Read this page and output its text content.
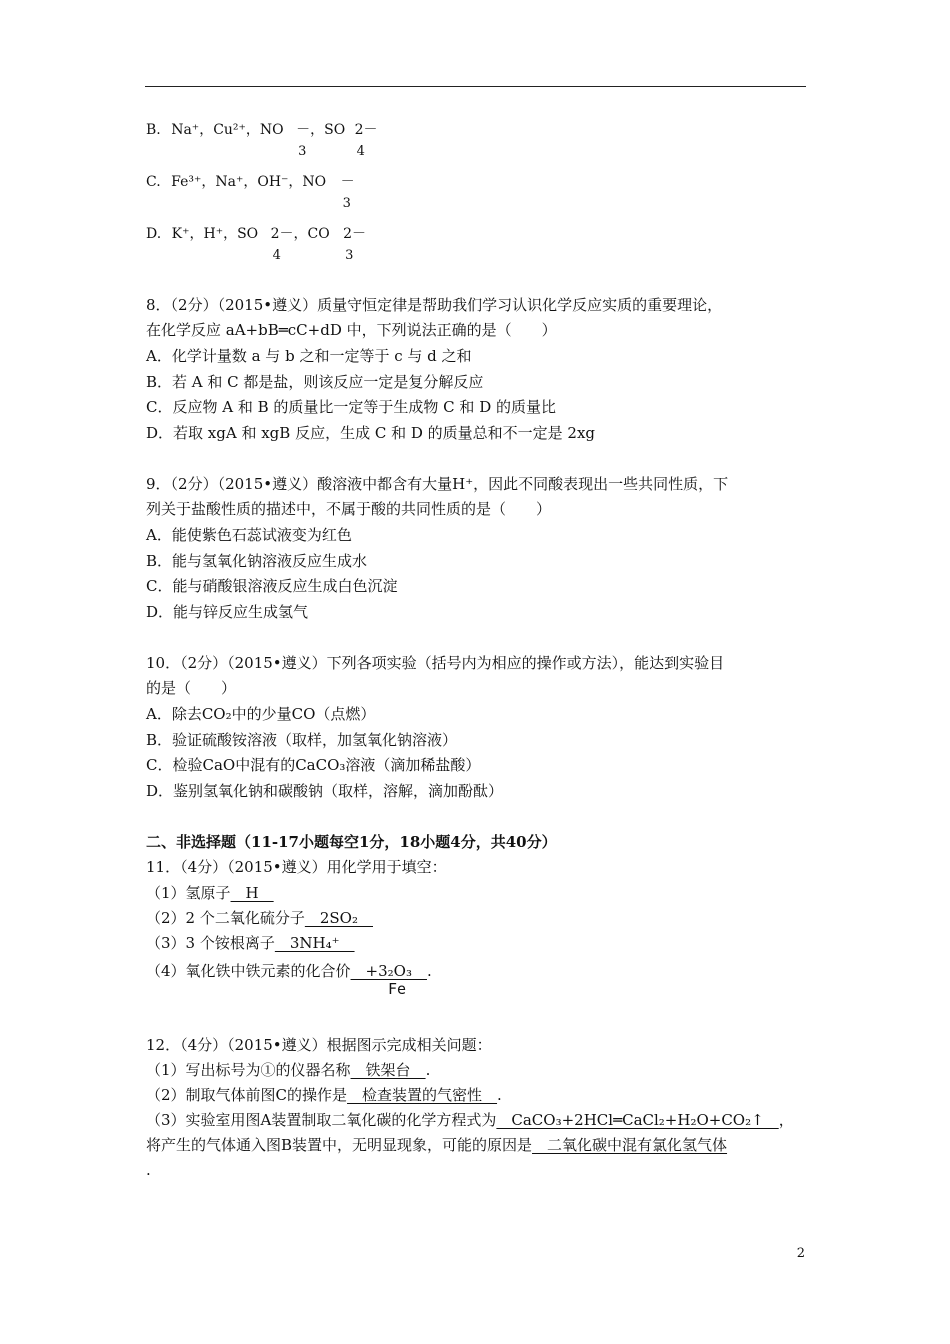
B. Na⁺，Cu²⁺，NO －，SO
3

2－
4
C. Fe³⁺，Na⁺，OH⁻，NO －
3
D. K⁺，H⁺，SO 2－，CO
4

2－
3
8．（2分）（2015•遵义）质量守恒定律是帮助我们学习认识化学反应实质的重要理论，
在化学反应 aA+bB═cC+dD 中，下列说法正确的是（　　）
A．化学计量数 a 与 b 之和一定等于 c 与 d 之和
B．若 A 和 C 都是盐，则该反应一定是复分解反应
C．反应物 A 和 B 的质量比一定等于生成物 C 和 D 的质量比
D．若取 xgA 和 xgB 反应，生成 C 和 D 的质量总和不一定是 2xg
9．（2分）（2015•遵义）酸溶液中都含有大量H⁺，因此不同酸表现出一些共同性质，下
列关于盐酸性质的描述中，不属于酸的共同性质的是（　　）
A．能使紫色石蕊试液变为红色
B．能与氢氧化钠溶液反应生成水
C．能与硝酸银溶液反应生成白色沉淀
D．能与锌反应生成氢气
10．（2分）（2015•遵义）下列各项实验（括号内为相应的操作或方法），能达到实验目
的是（　　）
A．除去CO₂中的少量CO（点燃）
B．验证硫酸铵溶液（取样，加氢氧化钠溶液）
C．检验CaO中混有的CaCO₃溶液（滴加稀盐酸）
D．鉴别氢氧化钠和碳酸钠（取样，溶解，滴加酚酞）
二、非选择题（11-17小题每空1分，18小题4分，共40分）
11．（4分）（2015•遵义）用化学用于填空：
（1）氢原子　H　
（2）2 个二氧化硫分子　2SO₂　
（3）3 个铵根离子　3NH₄⁺　
（4）氧化铁中铁元素的化合价　+3₂O₃　.
Fe
12．（4分）（2015•遵义）根据图示完成相关问题：
（1）写出标号为①的仪器名称　铁架台　.
（2）制取气体前图C的操作是　检查装置的气密性　.
（3）实验室用图A装置制取二氧化碳的化学方程式为　CaCO₃+2HCl═CaCl₂+H₂O+CO₂↑　，
将产生的气体通入图B装置中，无明显现象，可能的原因是　二氧化碳中混有氯化氢气体
.
2
